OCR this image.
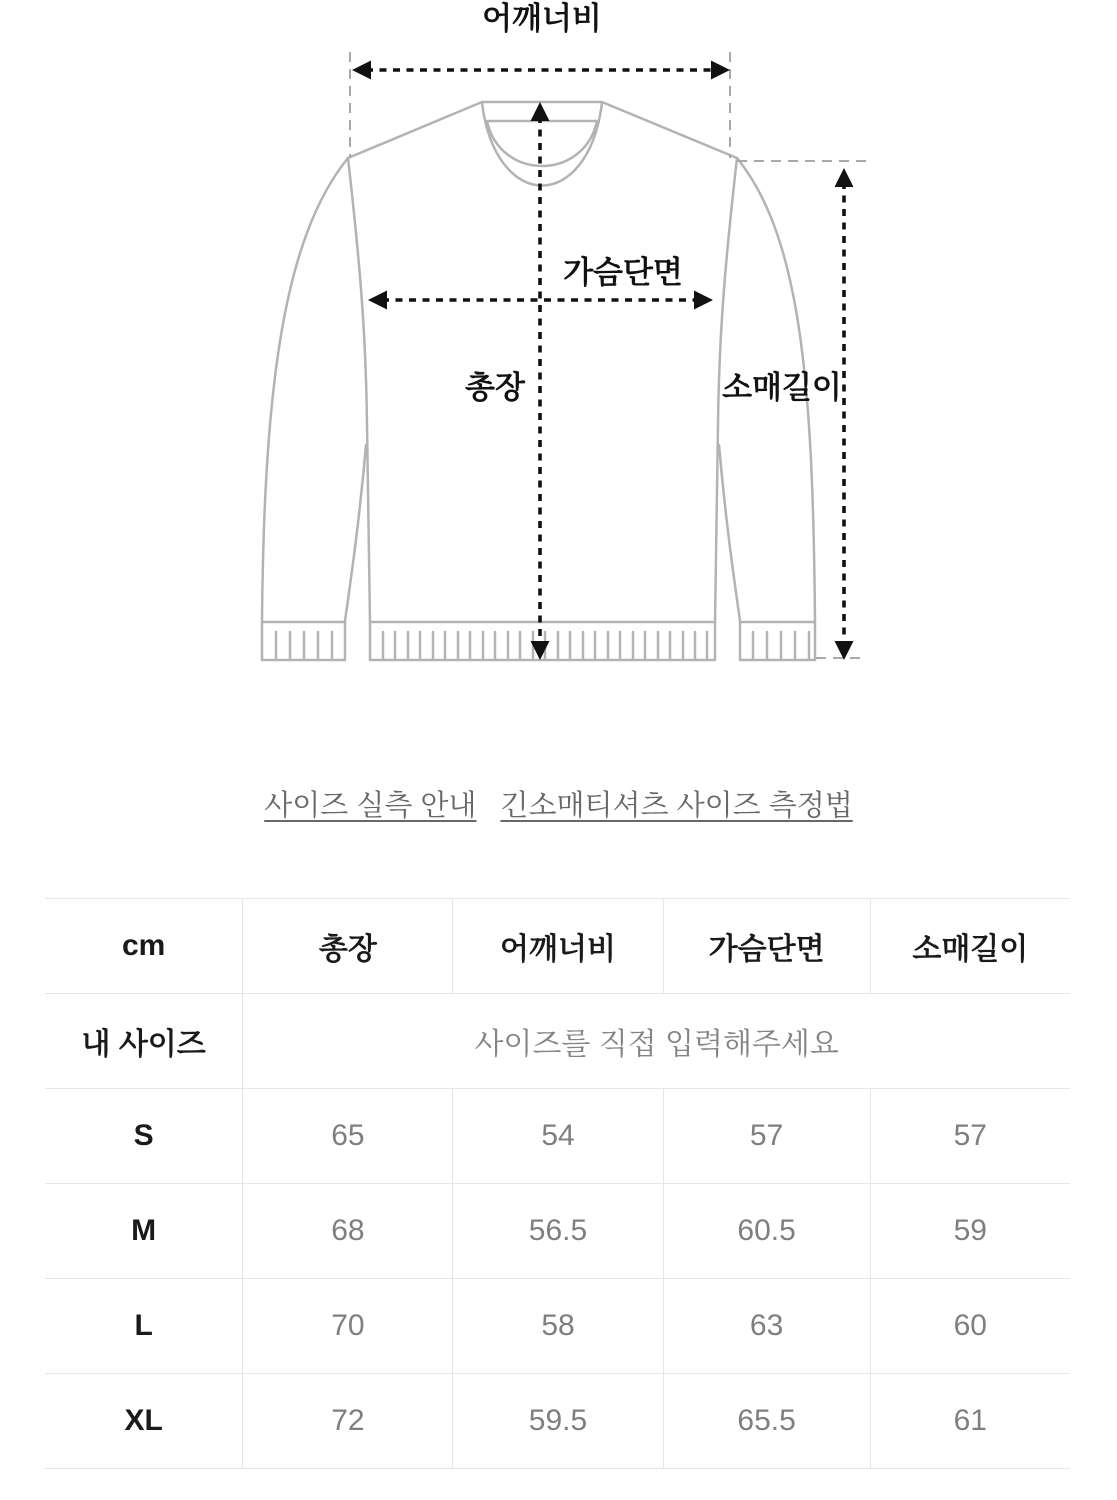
어깨너비
가슴단면
총장	소매길이
사이즈 실측 안내 긴소매티셔츠 사이즈 측정법
cm	총장	어깨너비	가슴단면	소매길이
내 사이즈	사이즈를 직접 입력해주세요			
S	65	54	57	57
M	68	56.5	60.5	59
L	70	58	63	60
XL	72	59.5	65.5	61
